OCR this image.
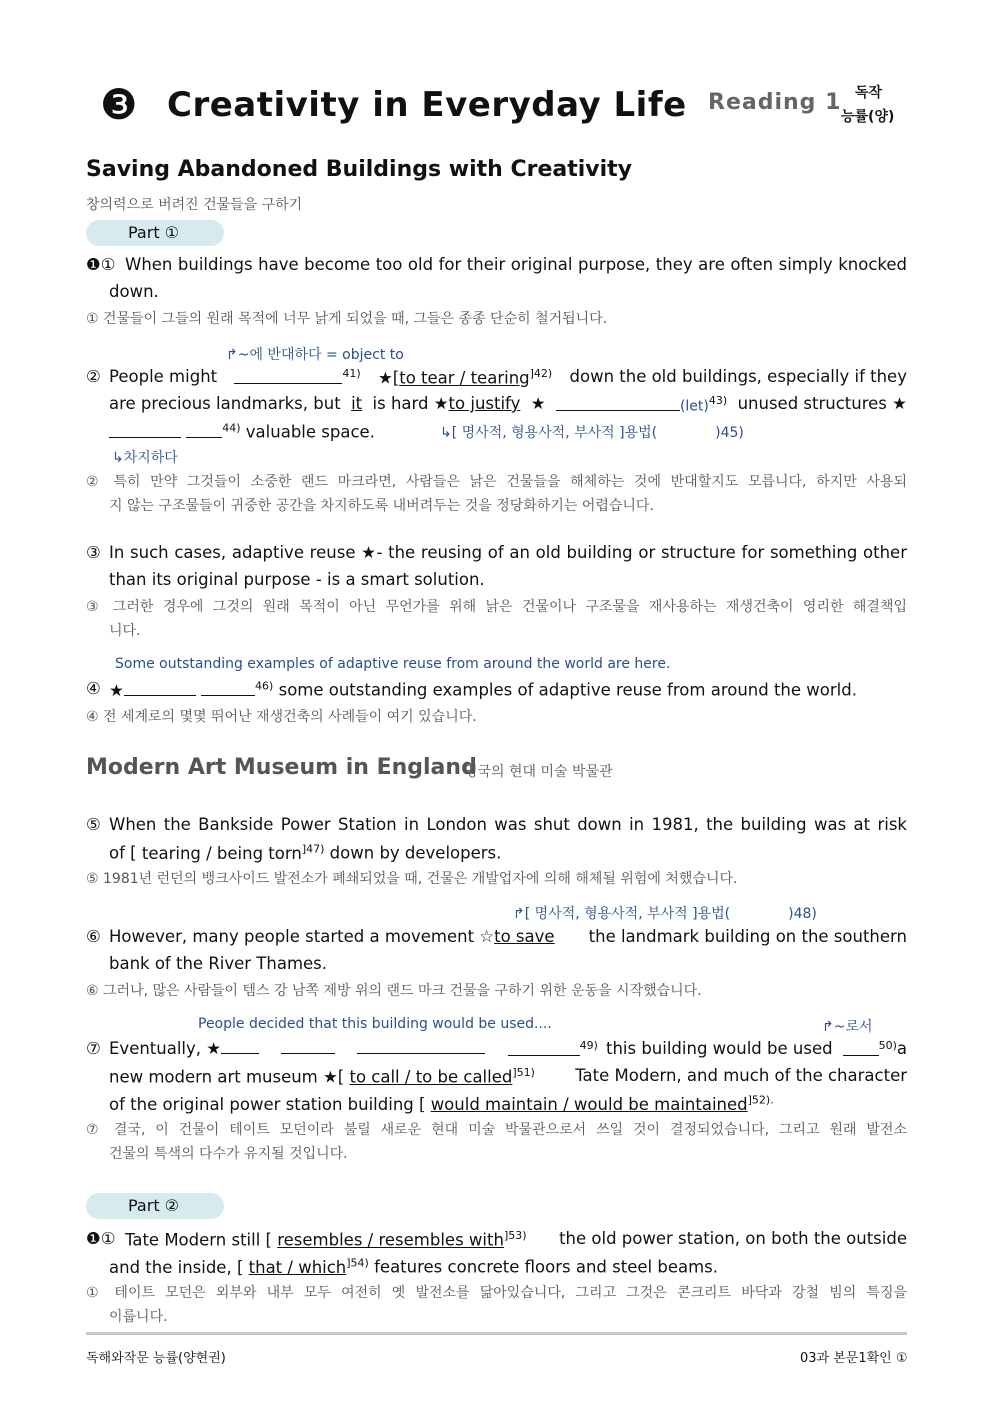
❸ Creativity in Everyday Life Reading 1 독작
능률(양)
Saving Abandoned Buildings with Creativity
창의력으로 버려진 건물들을 구하기
Part ①
❶① When buildings have become too old for their original purpose, they are often simply knocked
down.
① 건물들이 그들의 원래 목적에 너무 낡게 되었을 때, 그들은 종종 단순히 철거됩니다.
↱~에 반대하다 = object to
② People might	$^{41)}$ ★[to tear / tearing$^{]42)}$ down the old buildings, especially if they
are precious landmarks, but it is hard ★to justify ★	(let)$^{43)}$ unused structures ★
$^{44)}$ valuable space.	↳[ 명사적, 형용사적, 부사적 ]용법(	)45)
↳차지하다
② 특히 만약 그것들이 소중한 랜드 마크라면, 사람들은 낡은 건물들을 해체하는 것에 반대할지도 모릅니다, 하지만 사용되
지 않는 구조물들이 귀중한 공간을 차지하도록 내버려두는 것을 정당화하기는 어렵습니다.
③ In such cases, adaptive reuse ★- the reusing of an old building or structure for something other
than its original purpose - is a smart solution.
③ 그러한 경우에 그것의 원래 목적이 아닌 무언가를 위해 낡은 건물이나 구조물을 재사용하는 재생건축이 영리한 해결책입
니다.
Some outstanding examples of adaptive reuse from around the world are here.
④ ★	$^{46)}$ some outstanding examples of adaptive reuse from around the world.
④ 전 세계로의 몇몇 뛰어난 재생건축의 사례들이 여기 있습니다.
Modern Art Museum in England
영국의 현대 미술 박물관
⑤ When the Bankside Power Station in London was shut down in 1981, the building was at risk
of [ tearing / being torn$^{]47)}$ down by developers.
⑤ 1981년 런던의 뱅크사이드 발전소가 폐쇄되었을 때, 건물은 개발업자에 의해 해체될 위험에 처했습니다.
↱[ 명사적, 형용사적, 부사적 ]용법(	)48)
⑥ However, many people started a movement ☆to save the landmark building on the southern
bank of the River Thames.
⑥ 그러나, 많은 사람들이 템스 강 남쪽 제방 위의 랜드 마크 건물을 구하기 위한 운동을 시작했습니다.
People decided that this building would be used....	↱~로서
⑦ Eventually, ★	$^{49)}$ this building would be used	$^{50)}$ a
new modern art museum ★[ to call / to be called$^{]51)}$ Tate Modern, and much of the character
of the original power station building [ would maintain / would be maintained$^{]52).}$
⑦ 결국, 이 건물이 테이트 모던이라 불릴 새로운 현대 미술 박물관으로서 쓰일 것이 결정되었습니다, 그리고 원래 발전소
건물의 특색의 다수가 유지될 것입니다.
Part ②
❶① Tate Modern still [ resembles / resembles with$^{]53)}$ the old power station, on both the outside
and the inside, [ that / which$^{]54)}$ features concrete floors and steel beams.
① 테이트 모던은 외부와 내부 모두 여전히 옛 발전소를 닮아있습니다, 그리고 그것은 콘크리트 바닥과 강철 빔의 특징을
이룹니다.
독해와작문 능률(양현권)	03과 본문1확인 ①
